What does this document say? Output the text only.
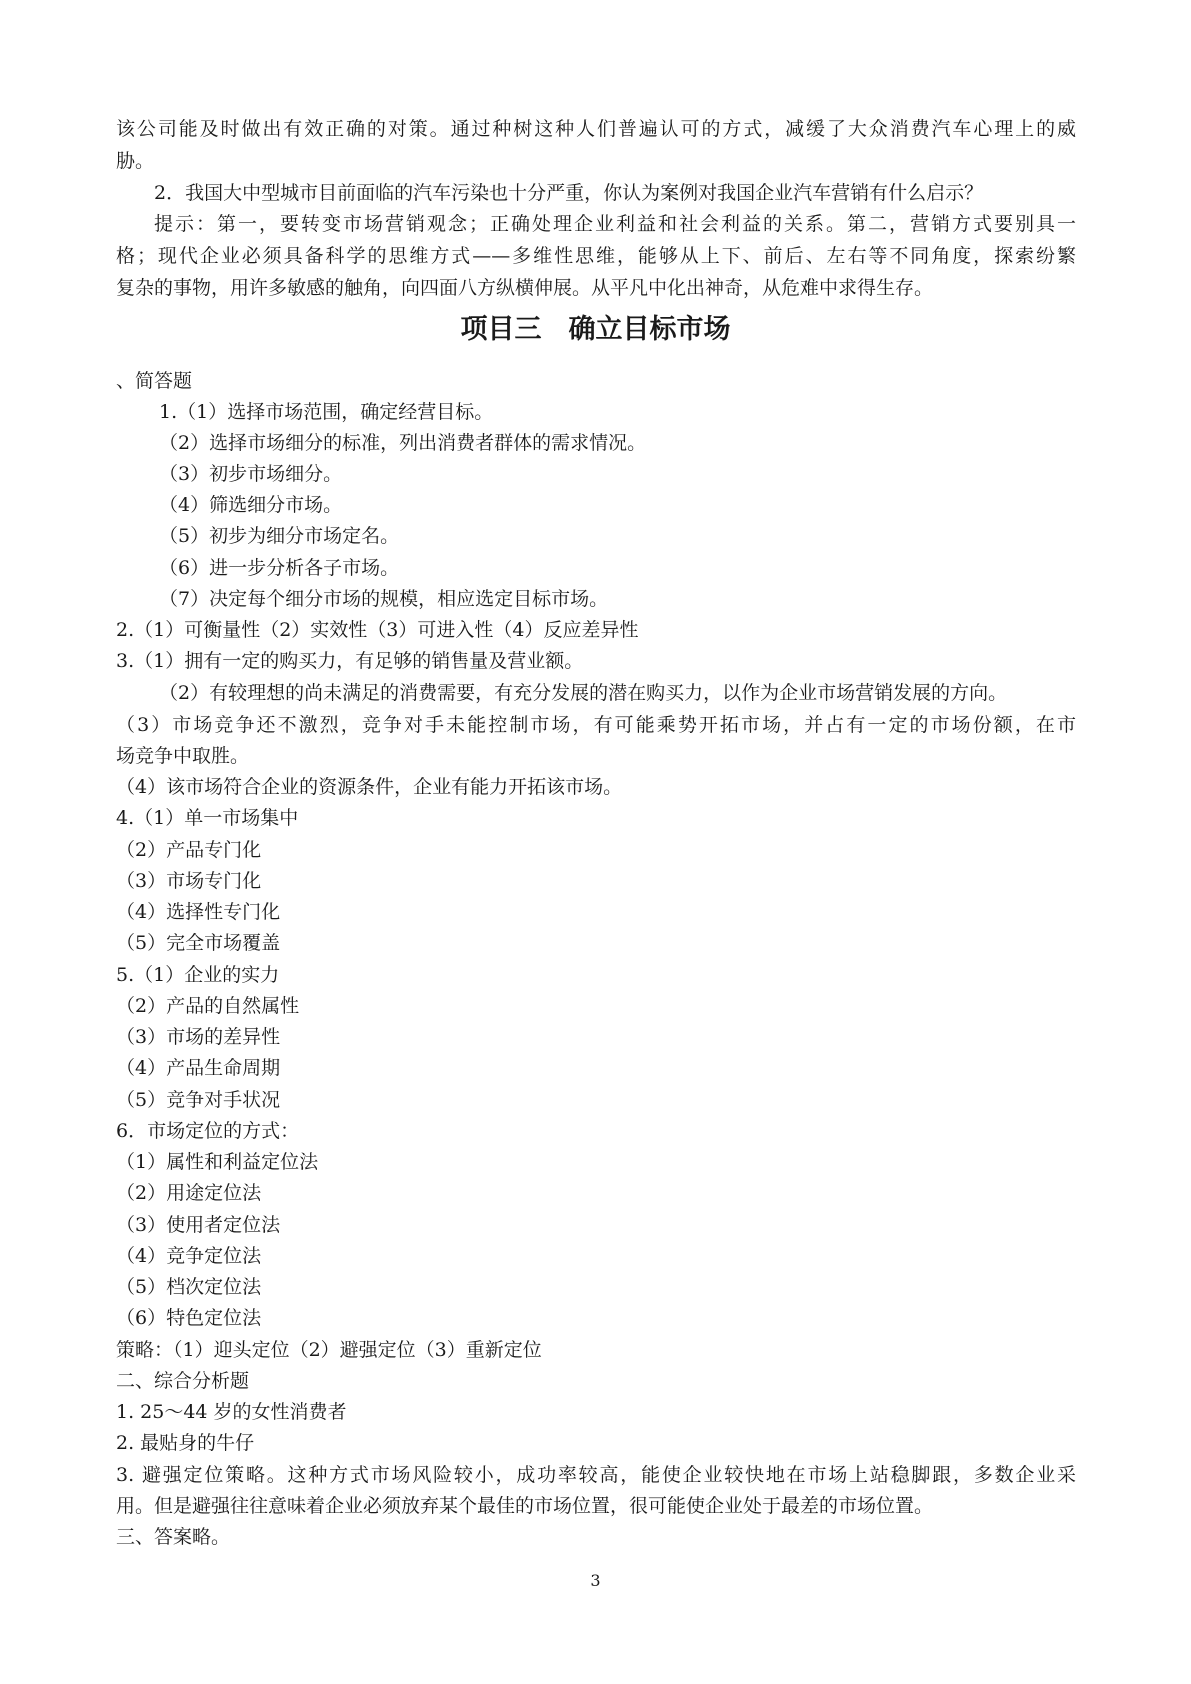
该公司能及时做出有效正确的对策。通过种树这种人们普遍认可的方式，减缓了大众消费汽车心理上的威
胁。
2．我国大中型城市目前面临的汽车污染也十分严重，你认为案例对我国企业汽车营销有什么启示？
提示：第一，要转变市场营销观念；正确处理企业利益和社会利益的关系。第二，营销方式要别具一
格；现代企业必须具备科学的思维方式——多维性思维，能够从上下、前后、左右等不同角度，探索纷繁
复杂的事物，用许多敏感的触角，向四面八方纵横伸展。从平凡中化出神奇，从危难中求得生存。
项目三　确立目标市场
、简答题
1.（1）选择市场范围，确定经营目标。
（2）选择市场细分的标准，列出消费者群体的需求情况。
（3）初步市场细分。
（4）筛选细分市场。
（5）初步为细分市场定名。
（6）进一步分析各子市场。
（7）决定每个细分市场的规模，相应选定目标市场。
2.（1）可衡量性（2）实效性（3）可进入性（4）反应差异性
3.（1）拥有一定的购买力，有足够的销售量及营业额。
（2）有较理想的尚未满足的消费需要，有充分发展的潜在购买力，以作为企业市场营销发展的方向。
（3）市场竞争还不激烈，竞争对手未能控制市场，有可能乘势开拓市场，并占有一定的市场份额，在市
场竞争中取胜。
（4）该市场符合企业的资源条件，企业有能力开拓该市场。
4.（1）单一市场集中
（2）产品专门化
（3）市场专门化
（4）选择性专门化
（5）完全市场覆盖
5.（1）企业的实力
（2）产品的自然属性
（3）市场的差异性
（4）产品生命周期
（5）竞争对手状况
6．市场定位的方式：
（1）属性和利益定位法
（2）用途定位法
（3）使用者定位法
（4）竞争定位法
（5）档次定位法
（6）特色定位法
策略：（1）迎头定位（2）避强定位（3）重新定位
二、综合分析题
1. 25～44 岁的女性消费者
2. 最贴身的牛仔
3. 避强定位策略。这种方式市场风险较小，成功率较高，能使企业较快地在市场上站稳脚跟，多数企业采
用。但是避强往往意味着企业必须放弃某个最佳的市场位置，很可能使企业处于最差的市场位置。
三、答案略。
3
